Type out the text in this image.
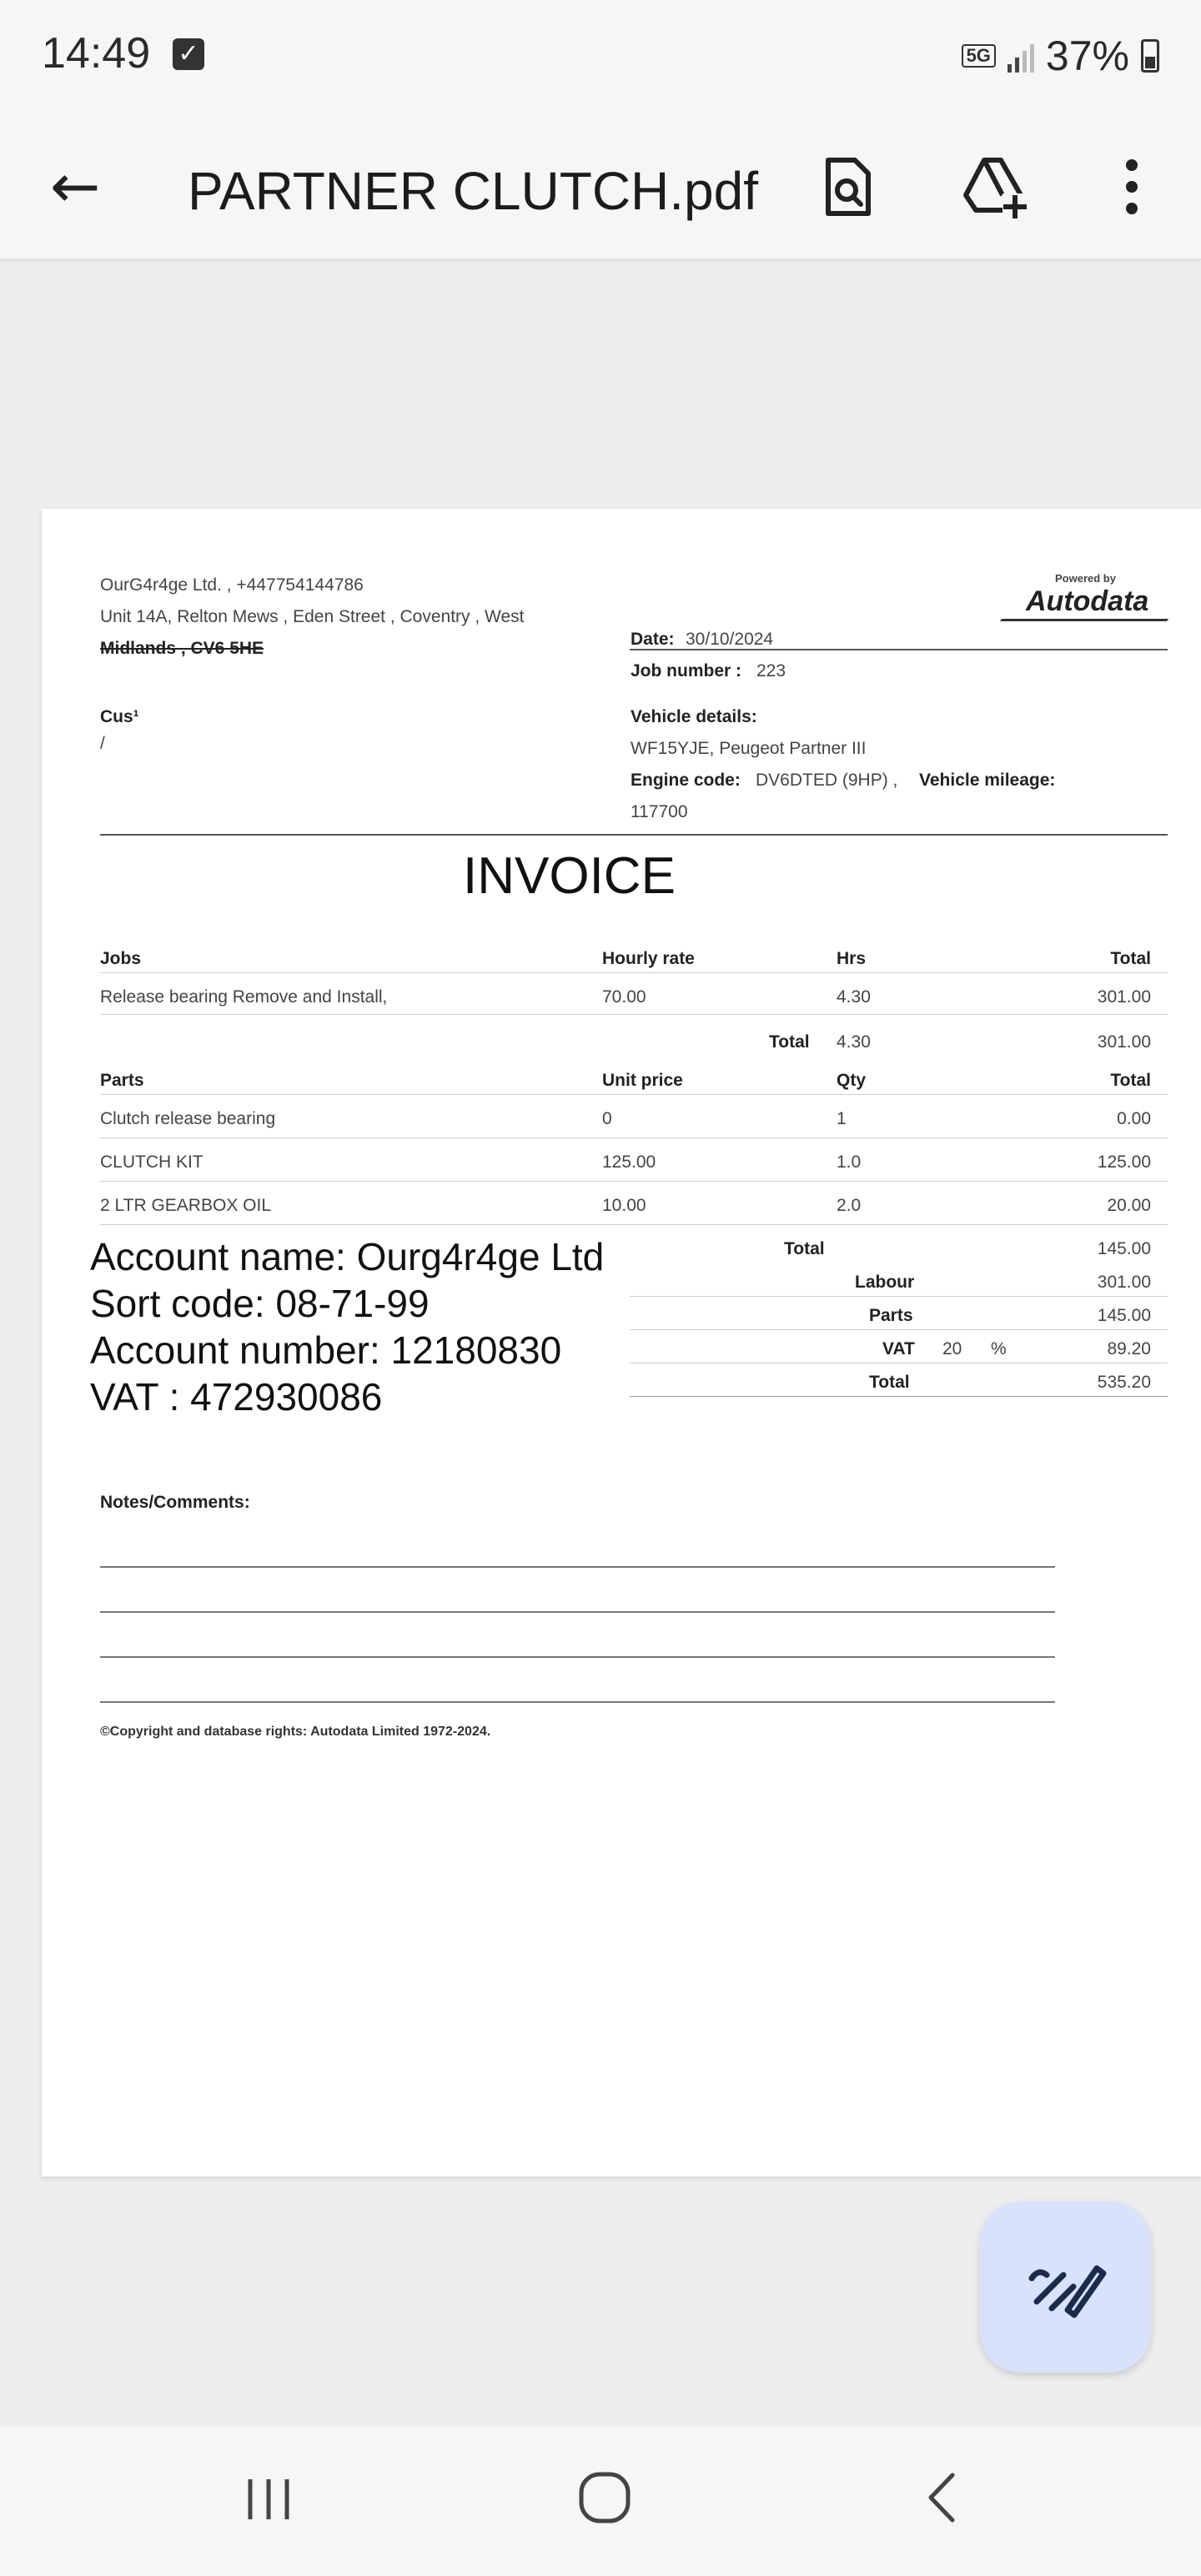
14:49 ✓	5G 37%
←	PARTNER CLUTCH.pdf
OurG4r4ge Ltd. , +447754144786
Unit 14A, Relton Mews , Eden Street , Coventry , West
Midlands , CV6 5HE
Powered by
Autodata
Date: 30/10/2024
Job number : 223
Cus¹
/
Vehicle details:
WF15YJE, Peugeot Partner III
Engine code: DV6DTED (9HP) , Vehicle mileage:
117700
INVOICE
Jobs	Hourly rate	Hrs	Total
Release bearing Remove and Install,	70.00	4.30	301.00
Total 4.30	301.00
Parts	Unit price	Qty	Total
Clutch release bearing	0	1	0.00
CLUTCH KIT	125.00	1.0	125.00
2 LTR GEARBOX OIL	10.00	2.0	20.00
Total	145.00
Account name: Ourg4r4ge Ltd
Sort code: 08-71-99
Account number: 12180830
VAT : 472930086
Labour	301.00
Parts	145.00
VAT 20 %	89.20
Total	535.20
Notes/Comments:
©Copyright and database rights: Autodata Limited 1972-2024.
